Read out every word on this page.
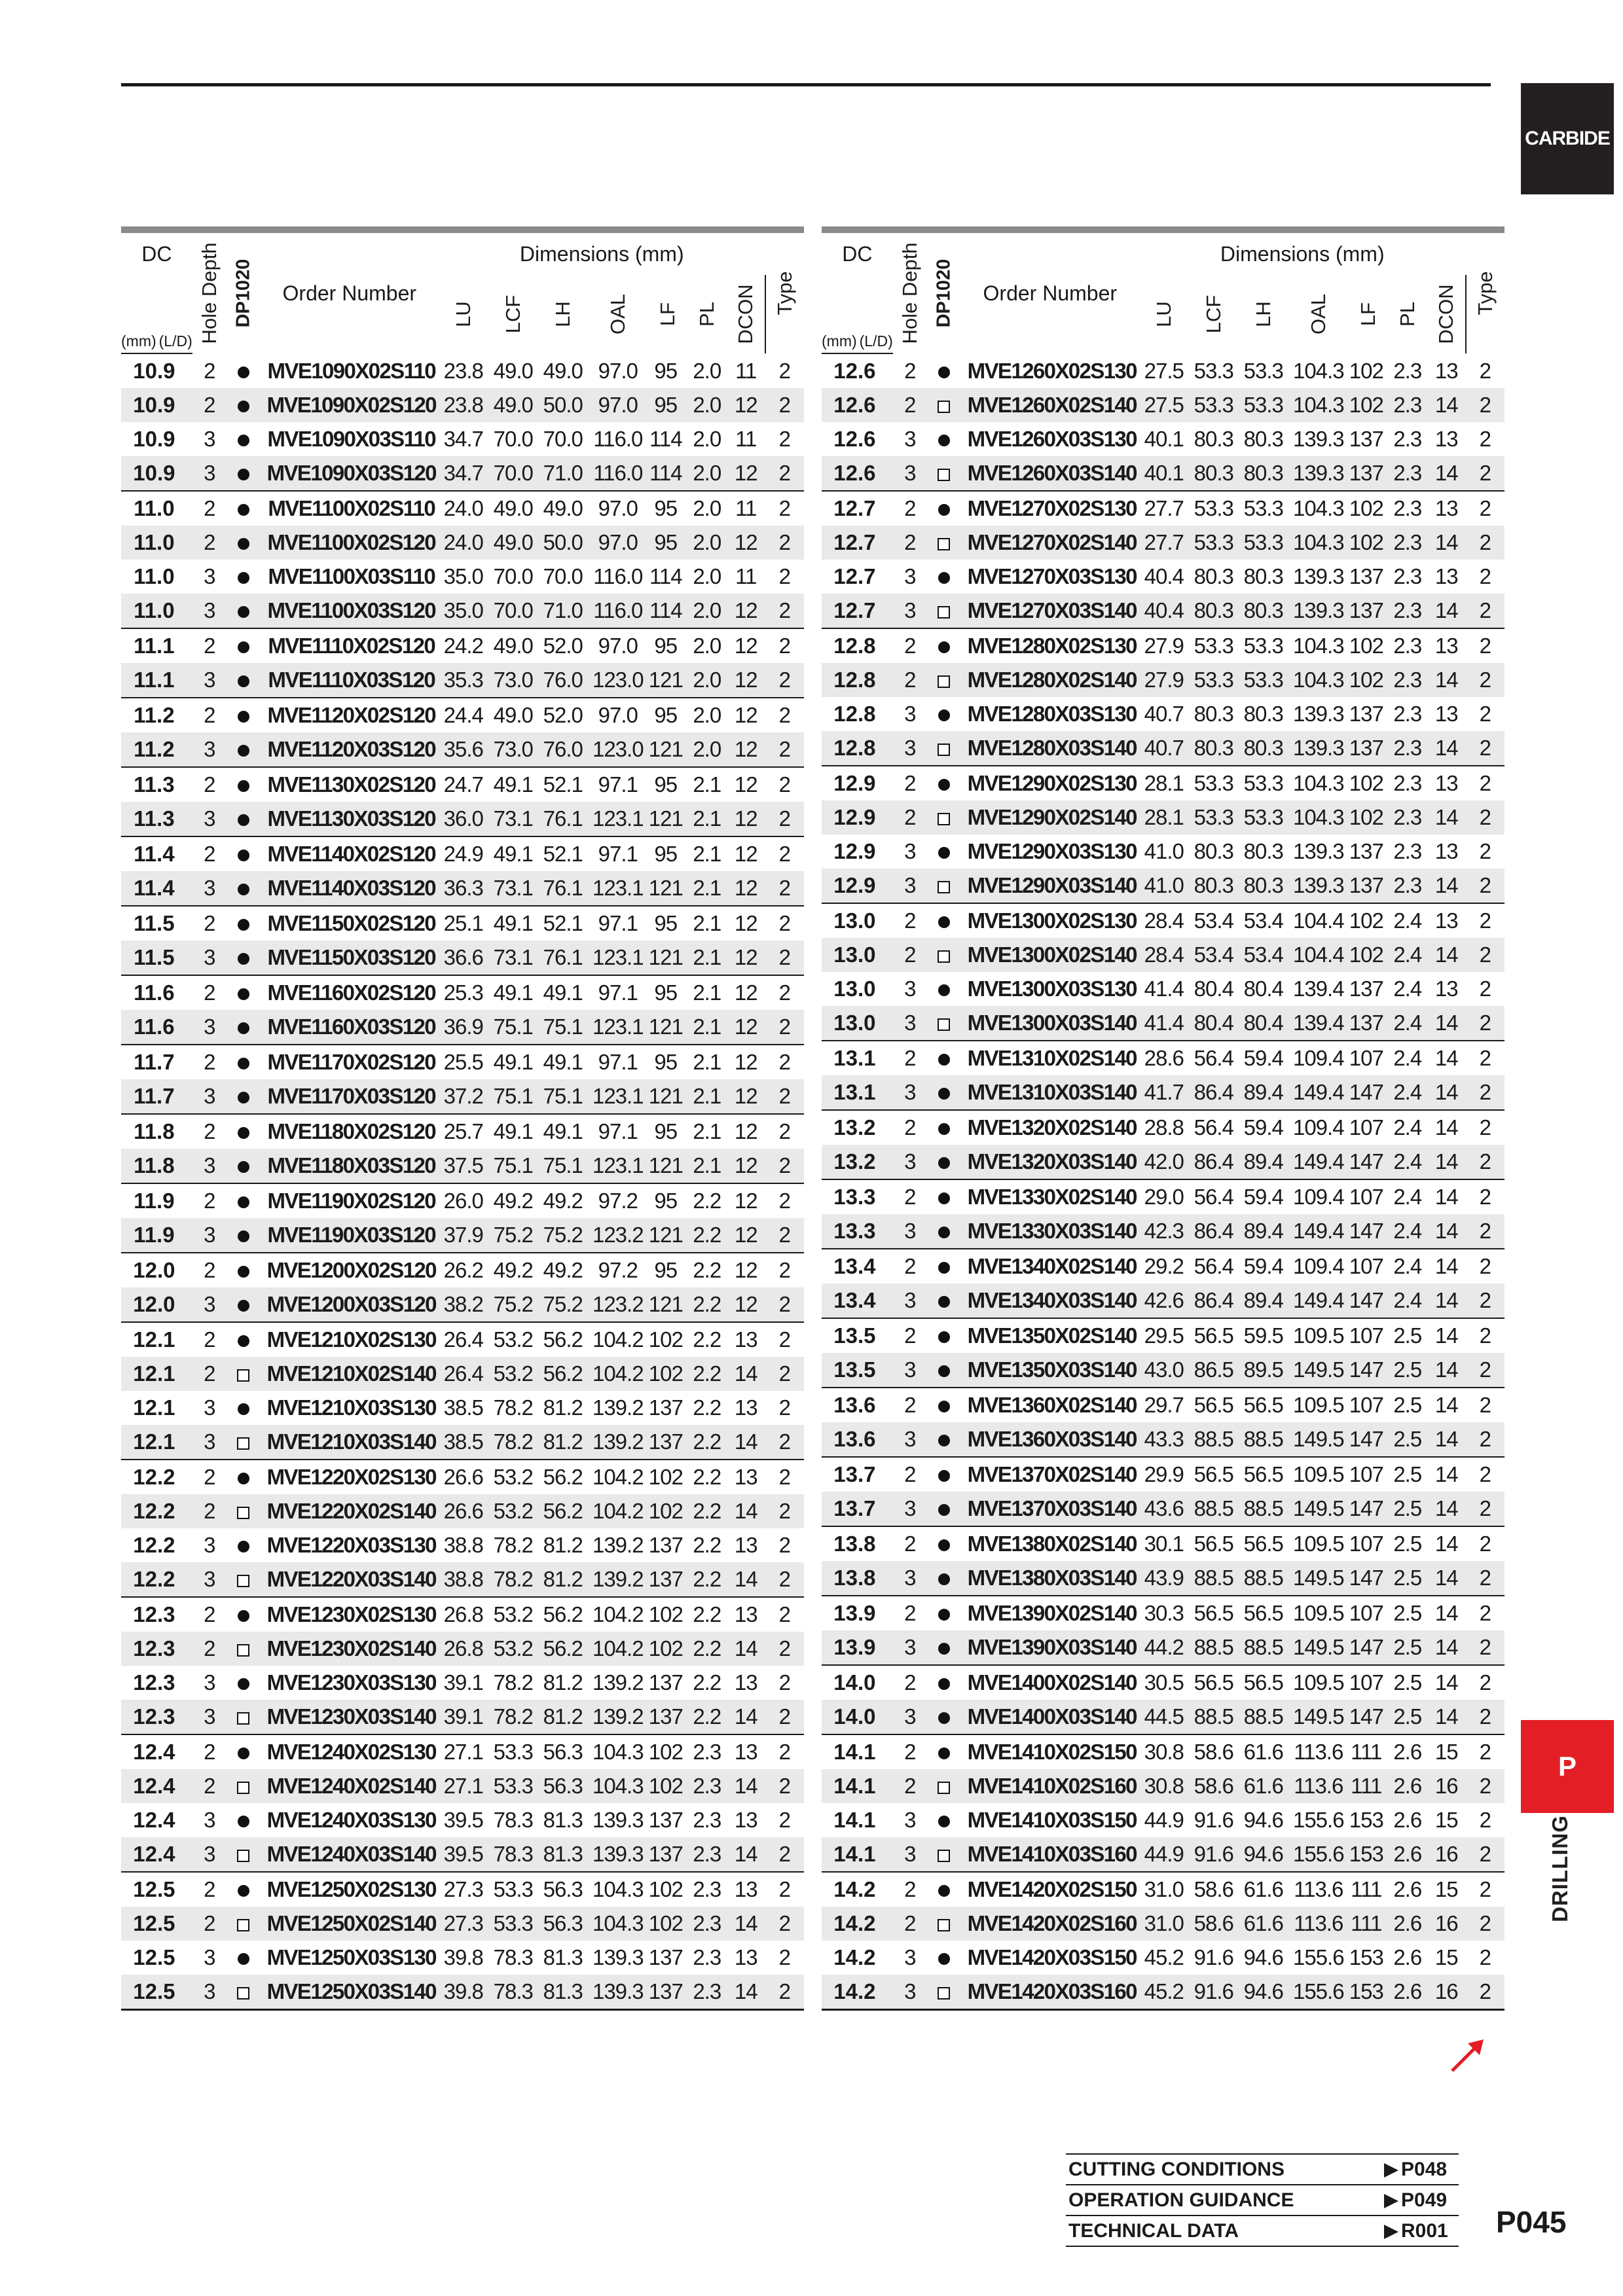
CARBIDE
P
DRILLING
DC	Hole Depth	DP1020	Order Number	Dimensions (mm)							Type

				LU	LCF	LH	OAL	LF	PL	DCON	

(mm) (L/D)											
10.9	2		MVE1090X02S110	23.8	49.0	49.0	97.0	95	2.0	11	2
10.9	2		MVE1090X02S120	23.8	49.0	50.0	97.0	95	2.0	12	2
10.9	3		MVE1090X03S110	34.7	70.0	70.0	116.0	114	2.0	11	2
10.9	3		MVE1090X03S120	34.7	70.0	71.0	116.0	114	2.0	12	2
11.0	2		MVE1100X02S110	24.0	49.0	49.0	97.0	95	2.0	11	2
11.0	2		MVE1100X02S120	24.0	49.0	50.0	97.0	95	2.0	12	2
11.0	3		MVE1100X03S110	35.0	70.0	70.0	116.0	114	2.0	11	2
11.0	3		MVE1100X03S120	35.0	70.0	71.0	116.0	114	2.0	12	2
11.1	2		MVE1110X02S120	24.2	49.0	52.0	97.0	95	2.0	12	2
11.1	3		MVE1110X03S120	35.3	73.0	76.0	123.0	121	2.0	12	2
11.2	2		MVE1120X02S120	24.4	49.0	52.0	97.0	95	2.0	12	2
11.2	3		MVE1120X03S120	35.6	73.0	76.0	123.0	121	2.0	12	2
11.3	2		MVE1130X02S120	24.7	49.1	52.1	97.1	95	2.1	12	2
11.3	3		MVE1130X03S120	36.0	73.1	76.1	123.1	121	2.1	12	2
11.4	2		MVE1140X02S120	24.9	49.1	52.1	97.1	95	2.1	12	2
11.4	3		MVE1140X03S120	36.3	73.1	76.1	123.1	121	2.1	12	2
11.5	2		MVE1150X02S120	25.1	49.1	52.1	97.1	95	2.1	12	2
11.5	3		MVE1150X03S120	36.6	73.1	76.1	123.1	121	2.1	12	2
11.6	2		MVE1160X02S120	25.3	49.1	49.1	97.1	95	2.1	12	2
11.6	3		MVE1160X03S120	36.9	75.1	75.1	123.1	121	2.1	12	2
11.7	2		MVE1170X02S120	25.5	49.1	49.1	97.1	95	2.1	12	2
11.7	3		MVE1170X03S120	37.2	75.1	75.1	123.1	121	2.1	12	2
11.8	2		MVE1180X02S120	25.7	49.1	49.1	97.1	95	2.1	12	2
11.8	3		MVE1180X03S120	37.5	75.1	75.1	123.1	121	2.1	12	2
11.9	2		MVE1190X02S120	26.0	49.2	49.2	97.2	95	2.2	12	2
11.9	3		MVE1190X03S120	37.9	75.2	75.2	123.2	121	2.2	12	2
12.0	2		MVE1200X02S120	26.2	49.2	49.2	97.2	95	2.2	12	2
12.0	3		MVE1200X03S120	38.2	75.2	75.2	123.2	121	2.2	12	2
12.1	2		MVE1210X02S130	26.4	53.2	56.2	104.2	102	2.2	13	2
12.1	2		MVE1210X02S140	26.4	53.2	56.2	104.2	102	2.2	14	2
12.1	3		MVE1210X03S130	38.5	78.2	81.2	139.2	137	2.2	13	2
12.1	3		MVE1210X03S140	38.5	78.2	81.2	139.2	137	2.2	14	2
12.2	2		MVE1220X02S130	26.6	53.2	56.2	104.2	102	2.2	13	2
12.2	2		MVE1220X02S140	26.6	53.2	56.2	104.2	102	2.2	14	2
12.2	3		MVE1220X03S130	38.8	78.2	81.2	139.2	137	2.2	13	2
12.2	3		MVE1220X03S140	38.8	78.2	81.2	139.2	137	2.2	14	2
12.3	2		MVE1230X02S130	26.8	53.2	56.2	104.2	102	2.2	13	2
12.3	2		MVE1230X02S140	26.8	53.2	56.2	104.2	102	2.2	14	2
12.3	3		MVE1230X03S130	39.1	78.2	81.2	139.2	137	2.2	13	2
12.3	3		MVE1230X03S140	39.1	78.2	81.2	139.2	137	2.2	14	2
12.4	2		MVE1240X02S130	27.1	53.3	56.3	104.3	102	2.3	13	2
12.4	2		MVE1240X02S140	27.1	53.3	56.3	104.3	102	2.3	14	2
12.4	3		MVE1240X03S130	39.5	78.3	81.3	139.3	137	2.3	13	2
12.4	3		MVE1240X03S140	39.5	78.3	81.3	139.3	137	2.3	14	2
12.5	2		MVE1250X02S130	27.3	53.3	56.3	104.3	102	2.3	13	2
12.5	2		MVE1250X02S140	27.3	53.3	56.3	104.3	102	2.3	14	2
12.5	3		MVE1250X03S130	39.8	78.3	81.3	139.3	137	2.3	13	2
12.5	3		MVE1250X03S140	39.8	78.3	81.3	139.3	137	2.3	14	2
DC	Hole Depth	DP1020	Order Number	Dimensions (mm)							Type

				LU	LCF	LH	OAL	LF	PL	DCON	

(mm) (L/D)											
12.6	2		MVE1260X02S130	27.5	53.3	53.3	104.3	102	2.3	13	2
12.6	2		MVE1260X02S140	27.5	53.3	53.3	104.3	102	2.3	14	2
12.6	3		MVE1260X03S130	40.1	80.3	80.3	139.3	137	2.3	13	2
12.6	3		MVE1260X03S140	40.1	80.3	80.3	139.3	137	2.3	14	2
12.7	2		MVE1270X02S130	27.7	53.3	53.3	104.3	102	2.3	13	2
12.7	2		MVE1270X02S140	27.7	53.3	53.3	104.3	102	2.3	14	2
12.7	3		MVE1270X03S130	40.4	80.3	80.3	139.3	137	2.3	13	2
12.7	3		MVE1270X03S140	40.4	80.3	80.3	139.3	137	2.3	14	2
12.8	2		MVE1280X02S130	27.9	53.3	53.3	104.3	102	2.3	13	2
12.8	2		MVE1280X02S140	27.9	53.3	53.3	104.3	102	2.3	14	2
12.8	3		MVE1280X03S130	40.7	80.3	80.3	139.3	137	2.3	13	2
12.8	3		MVE1280X03S140	40.7	80.3	80.3	139.3	137	2.3	14	2
12.9	2		MVE1290X02S130	28.1	53.3	53.3	104.3	102	2.3	13	2
12.9	2		MVE1290X02S140	28.1	53.3	53.3	104.3	102	2.3	14	2
12.9	3		MVE1290X03S130	41.0	80.3	80.3	139.3	137	2.3	13	2
12.9	3		MVE1290X03S140	41.0	80.3	80.3	139.3	137	2.3	14	2
13.0	2		MVE1300X02S130	28.4	53.4	53.4	104.4	102	2.4	13	2
13.0	2		MVE1300X02S140	28.4	53.4	53.4	104.4	102	2.4	14	2
13.0	3		MVE1300X03S130	41.4	80.4	80.4	139.4	137	2.4	13	2
13.0	3		MVE1300X03S140	41.4	80.4	80.4	139.4	137	2.4	14	2
13.1	2		MVE1310X02S140	28.6	56.4	59.4	109.4	107	2.4	14	2
13.1	3		MVE1310X03S140	41.7	86.4	89.4	149.4	147	2.4	14	2
13.2	2		MVE1320X02S140	28.8	56.4	59.4	109.4	107	2.4	14	2
13.2	3		MVE1320X03S140	42.0	86.4	89.4	149.4	147	2.4	14	2
13.3	2		MVE1330X02S140	29.0	56.4	59.4	109.4	107	2.4	14	2
13.3	3		MVE1330X03S140	42.3	86.4	89.4	149.4	147	2.4	14	2
13.4	2		MVE1340X02S140	29.2	56.4	59.4	109.4	107	2.4	14	2
13.4	3		MVE1340X03S140	42.6	86.4	89.4	149.4	147	2.4	14	2
13.5	2		MVE1350X02S140	29.5	56.5	59.5	109.5	107	2.5	14	2
13.5	3		MVE1350X03S140	43.0	86.5	89.5	149.5	147	2.5	14	2
13.6	2		MVE1360X02S140	29.7	56.5	56.5	109.5	107	2.5	14	2
13.6	3		MVE1360X03S140	43.3	88.5	88.5	149.5	147	2.5	14	2
13.7	2		MVE1370X02S140	29.9	56.5	56.5	109.5	107	2.5	14	2
13.7	3		MVE1370X03S140	43.6	88.5	88.5	149.5	147	2.5	14	2
13.8	2		MVE1380X02S140	30.1	56.5	56.5	109.5	107	2.5	14	2
13.8	3		MVE1380X03S140	43.9	88.5	88.5	149.5	147	2.5	14	2
13.9	2		MVE1390X02S140	30.3	56.5	56.5	109.5	107	2.5	14	2
13.9	3		MVE1390X03S140	44.2	88.5	88.5	149.5	147	2.5	14	2
14.0	2		MVE1400X02S140	30.5	56.5	56.5	109.5	107	2.5	14	2
14.0	3		MVE1400X03S140	44.5	88.5	88.5	149.5	147	2.5	14	2
14.1	2		MVE1410X02S150	30.8	58.6	61.6	113.6	111	2.6	15	2
14.1	2		MVE1410X02S160	30.8	58.6	61.6	113.6	111	2.6	16	2
14.1	3		MVE1410X03S150	44.9	91.6	94.6	155.6	153	2.6	15	2
14.1	3		MVE1410X03S160	44.9	91.6	94.6	155.6	153	2.6	16	2
14.2	2		MVE1420X02S150	31.0	58.6	61.6	113.6	111	2.6	15	2
14.2	2		MVE1420X02S160	31.0	58.6	61.6	113.6	111	2.6	16	2
14.2	3		MVE1420X03S150	45.2	91.6	94.6	155.6	153	2.6	15	2
14.2	3		MVE1420X03S160	45.2	91.6	94.6	155.6	153	2.6	16	2
CUTTING CONDITIONS	P048
OPERATION GUIDANCE	P049
TECHNICAL DATA	R001 P045
